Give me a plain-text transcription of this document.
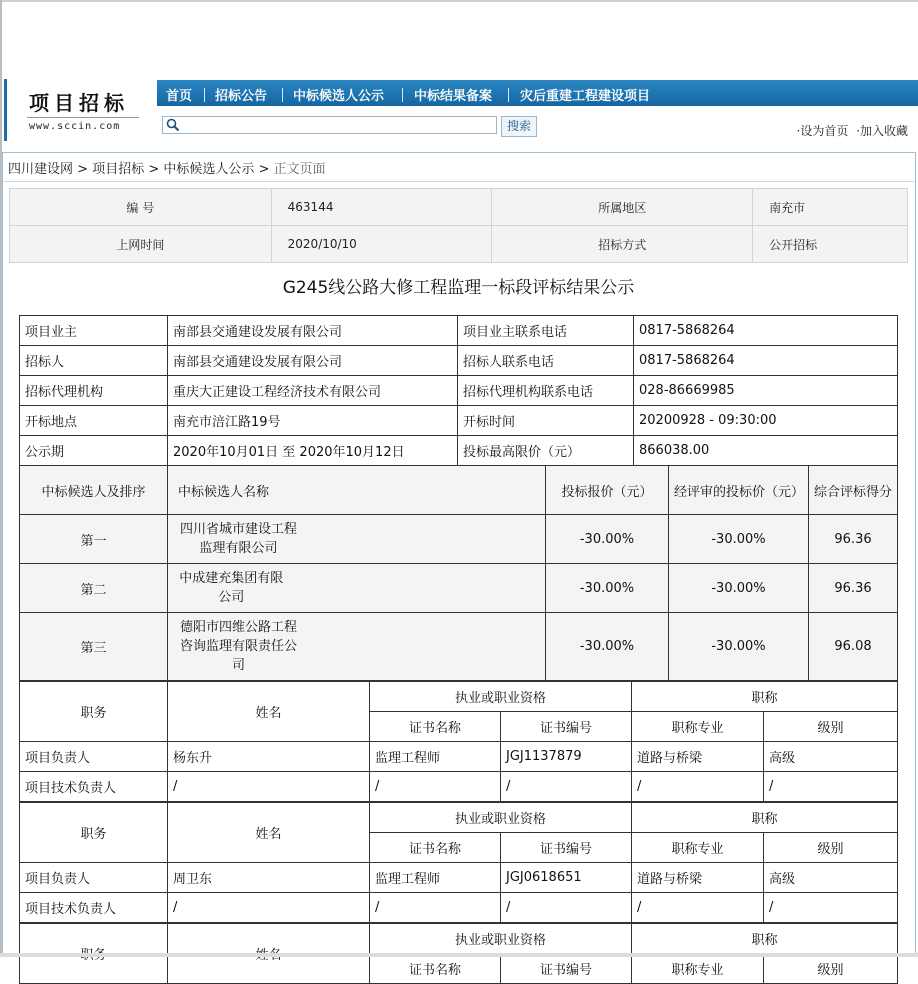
项目招标
www.sccin.com
首页 招标公告 中标候选人公示 中标结果备案 灾后重建工程建设项目
搜索	·设为首页 ·加入收藏
四川建设网 > 项目招标 > 中标候选人公示 > 正文页面
编 号	463144	所属地区	南充市
上网时间	2020/10/10	招标方式	公开招标
G245线公路大修工程监理一标段评标结果公示
项目业主	南部县交通建设发展有限公司	项目业主联系电话	0817-5868264
招标人	南部县交通建设发展有限公司	招标人联系电话	0817-5868264
招标代理机构	重庆大正建设工程经济技术有限公司	招标代理机构联系电话	028-86669985
开标地点	南充市涪江路19号	开标时间	20200928 - 09:30:00
公示期	2020年10月01日 至 2020年10月12日	投标最高限价（元）	866038.00
中标候选人及排序	中标候选人名称	投标报价（元）	经评审的投标价（元）	综合评标得分
第一	四川省城市建设工程监理有限公司	-30.00%	-30.00%	96.36
第二	中成建充集团有限公司	-30.00%	-30.00%	96.36
第三	德阳市四维公路工程咨询监理有限责任公司	-30.00%	-30.00%	96.08
职务	姓名	执业或职业资格		职称	
		证书名称	证书编号	职称专业	级别
项目负责人	杨东升	监理工程师	JGJ1137879	道路与桥梁	高级
项目技术负责人	/	/	/	/	/
职务	姓名	执业或职业资格		职称	
		证书名称	证书编号	职称专业	级别
项目负责人	周卫东	监理工程师	JGJ0618651	道路与桥梁	高级
项目技术负责人	/	/	/	/	/
		执业或职业资格		职称	
		证书名称	证书编号	职称专业	级别
